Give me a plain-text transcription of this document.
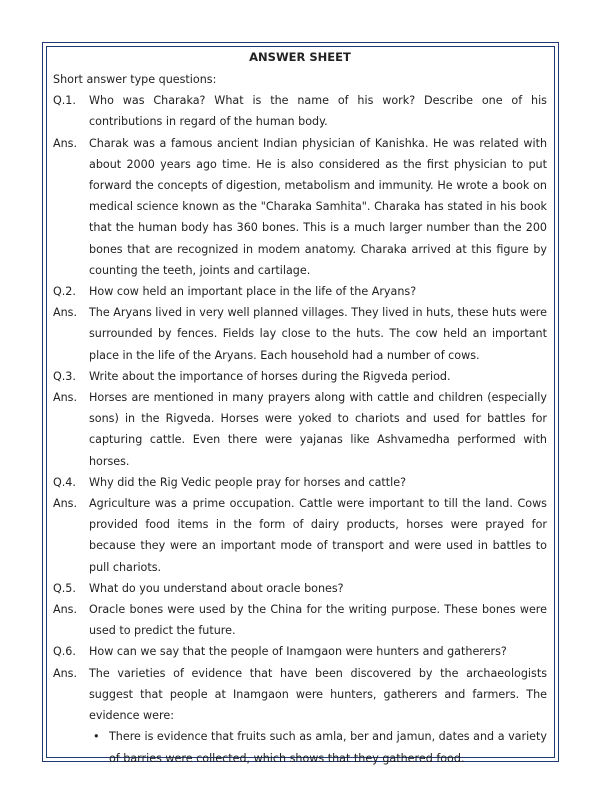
ANSWER SHEET

Short answer type questions:

Q.1.	Who was Charaka? What is the name of his work? Describe one of his contributions in regard of the human body.
Ans.	Charak was a famous ancient Indian physician of Kanishka. He was related with about 2000 years ago time. He is also considered as the first physician to put forward the concepts of digestion, metabolism and immunity. He wrote a book on medical science known as the "Charaka Samhita". Charaka has stated in his book that the human body has 360 bones. This is a much larger number than the 200 bones that are recognized in modem anatomy. Charaka arrived at this figure by counting the teeth, joints and cartilage.
Q.2.	How cow held an important place in the life of the Aryans?
Ans.	The Aryans lived in very well planned villages. They lived in huts, these huts were surrounded by fences. Fields lay close to the huts. The cow held an important place in the life of the Aryans. Each household had a number of cows.
Q.3.	Write about the importance of horses during the Rigveda period.
Ans.	Horses are mentioned in many prayers along with cattle and children (especially sons) in the Rigveda. Horses were yoked to chariots and used for battles for capturing cattle. Even there were yajanas like Ashvamedha performed with horses.
Q.4.	Why did the Rig Vedic people pray for horses and cattle?
Ans.	Agriculture was a prime occupation. Cattle were important to till the land. Cows provided food items in the form of dairy products, horses were prayed for because they were an important mode of transport and were used in battles to pull chariots.
Q.5.	What do you understand about oracle bones?
Ans.	Oracle bones were used by the China for the writing purpose. These bones were used to predict the future.
Q.6.	How can we say that the people of Inamgaon were hunters and gatherers?
Ans.	The varieties of evidence that have been discovered by the archaeologists suggest that people at Inamgaon were hunters, gatherers and farmers. The evidence were:
• There is evidence that fruits such as amla, ber and jamun, dates and a variety of barries were collected, which shows that they gathered food.
